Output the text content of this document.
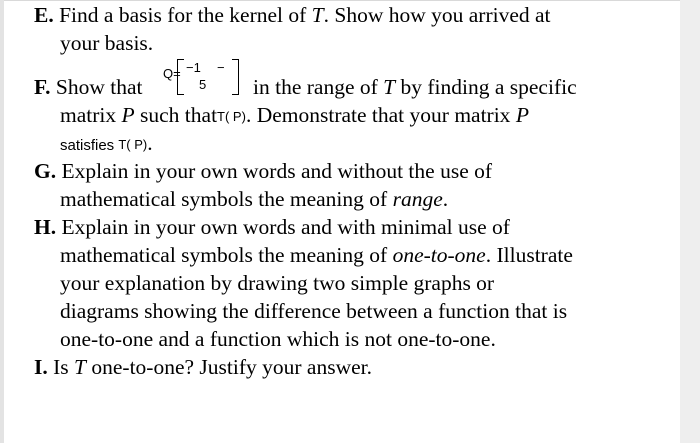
E. Find a basis for the kernel of T. Show how you arrived at
your basis.
F. Show that
Q= −1 −
5 in the range of T by finding a specific
matrix P such thatT( P). Demonstrate that your matrix P
satisfies T( P).
G. Explain in your own words and without the use of
mathematical symbols the meaning of range.
H. Explain in your own words and with minimal use of
mathematical symbols the meaning of one-to-one. Illustrate
your explanation by drawing two simple graphs or
diagrams showing the difference between a function that is
one-to-one and a function which is not one-to-one.
I. Is T one-to-one? Justify your answer.
